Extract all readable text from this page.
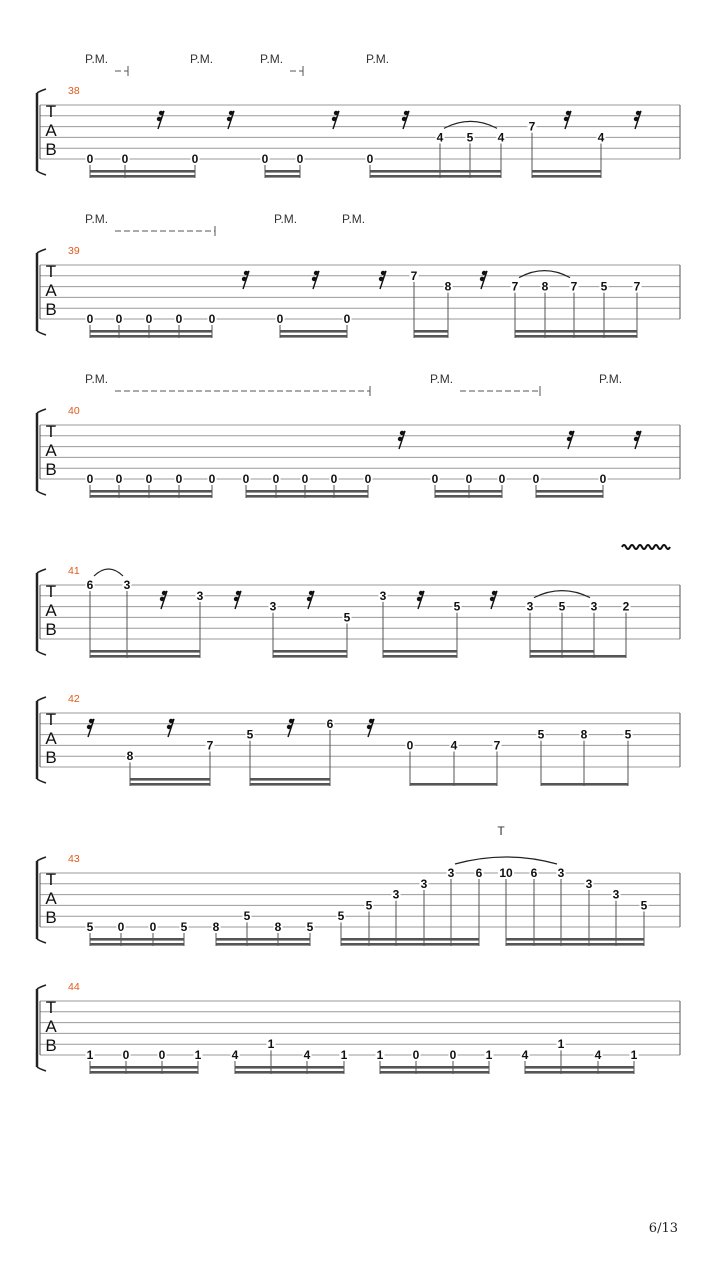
T
A
B
38
P.M.	P.M.	P.M.	P.M.
0 0	0	0 0	0
4 5 4
7
4
T
A
B
39
P.M.	P.M.	P.M.
0 0 0 0 0	0	0
7
8	7 8 7 5 7
T
A
B
40
P.M.	P.M.	P.M.
0 0 0 0 0 0 0 0 0 0	0 0 0 0	0
T
A
B
41
6	3
3
3
5
3
5	3 5 3 2
T
A
B
42
8
7
5
6
0	4	7
5	8	5
T
A
B
43
T
5 0 0 5 8
5
8 5
5
5
3
3
3 6 10 6 3
3
3
5
T
A
B
44
1 0 0 1	4
1
4	1 1 0	0 1 4
1
4 1
6/13
